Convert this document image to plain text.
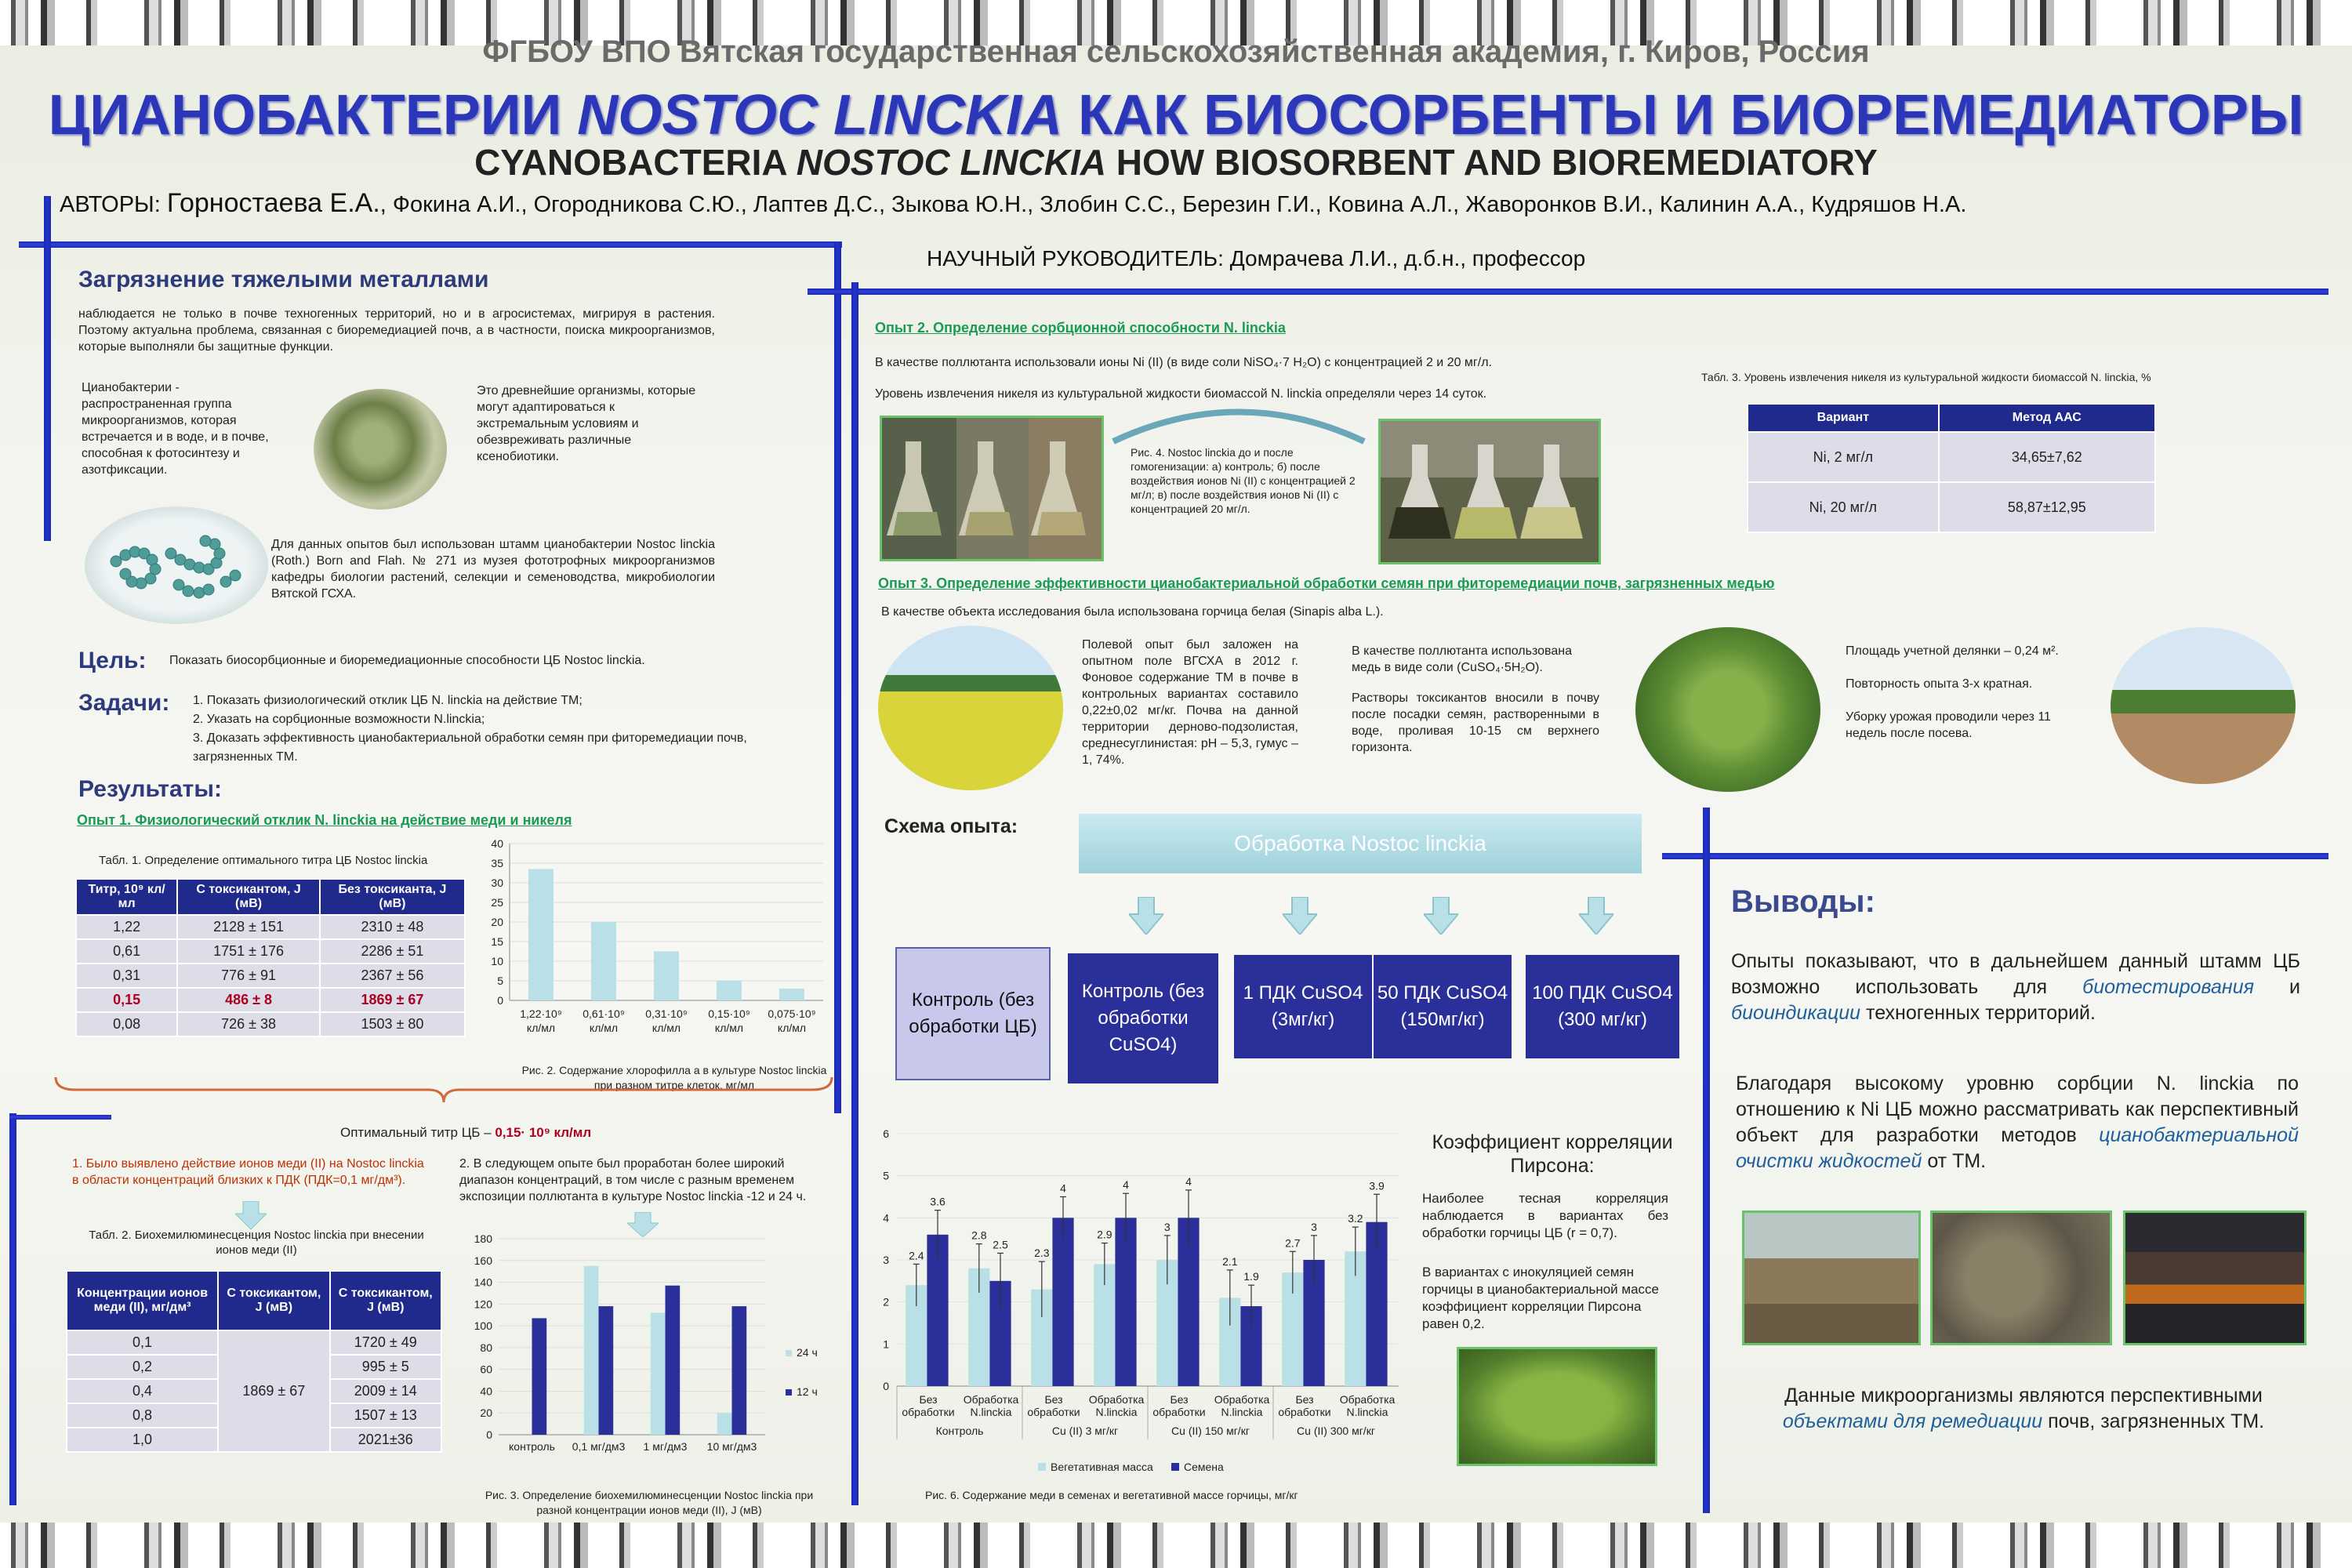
ФГБОУ ВПО Вятская государственная сельскохозяйственная академия, г. Киров, Россия
ЦИАНОБАКТЕРИИ NOSTOC LINCKIA КАК БИОСОРБЕНТЫ И БИОРЕМЕДИАТОРЫ
CYANOBACTERIA NOSTOC LINCKIA HOW BIOSORBENT AND BIOREMEDIATORY
АВТОРЫ: Горностаева Е.А., Фокина А.И., Огородникова С.Ю., Лаптев Д.С., Зыкова Ю.Н., Злобин С.С., Березин Г.И., Ковина А.Л., Жаворонков В.И., Калинин А.А., Кудряшов Н.А.
НАУЧНЫЙ РУКОВОДИТЕЛЬ: Домрачева Л.И., д.б.н., профессор
Загрязнение тяжелыми металлами
наблюдается не только в почве техногенных территорий, но и в агросистемах, мигрируя в растения. Поэтому актуальна проблема, связанная с биоремедиацией почв, а в частности, поиска микроорганизмов, которые выполняли бы защитные функции.
Цианобактерии - распространенная группа микроорганизмов, которая встречается и в воде, и в почве, способная к фотосинтезу и азотфиксации.
Это древнейшие организмы, которые могут адаптироваться к экстремальным условиям и обезвреживать различные ксенобиотики.
Для данных опытов был использован штамм цианобактерии Nostoc linckia (Roth.) Born and Flah. № 271 из музея фототрофных микроорганизмов кафедры биологии растений, селекции и семеноводства, микробиологии Вятской ГСХА.
Цель: Показать биосорбционные и биоремедиационные способности ЦБ Nostoc linckia.
Задачи: 1. Показать физиологический отклик ЦБ N. linckia на действие ТМ;
2. Указать на сорбционные возможности N.linckia;
3. Доказать эффективность цианобактериальной обработки семян при фиторемедиации почв, загрязненных ТМ.
Результаты:
Опыт 1. Физиологический отклик N. linckia на действие меди и никеля
Табл. 1. Определение оптимального титра ЦБ Nostoc linckia
Титр, 10⁹ кл/мл	С токсикантом, J (мВ)	Без токсиканта, J (мВ)
1,22	2128 ± 151	2310 ± 48
0,61	1751 ± 176	2286 ± 51
0,31	776 ± 91	2367 ± 56
0,15	486 ± 8	1869 ± 67
0,08	726 ± 38	1503 ± 80
0
5
10
15
20
25
30
35
40
1,22·10⁹
кл/мл
0,61·10⁹
кл/мл
0,31·10⁹
кл/мл
0,15·10⁹
кл/мл
0,075·10⁹
кл/мл
Рис. 2. Содержание хлорофилла а в культуре Nostoc linckia при разном титре клеток, мг/мл
Оптимальный титр ЦБ – 0,15· 10⁹ кл/мл
1. Было выявлено действие ионов меди (II) на Nostoc linckia в области концентраций близких к ПДК (ПДК=0,1 мг/дм³).
2. В следующем опыте был проработан более широкий диапазон концентраций, в том числе с разным временем экспозиции поллютанта в культуре Nostoc linckia -12 и 24 ч.
Табл. 2. Биохемилюминесценция Nostoc linckia при внесении ионов меди (II)
Концентрации ионов меди (II), мг/дм³	С токсикантом, J (мВ)	С токсикантом, J (мВ)
0,1	1869 ± 67	1720 ± 49
0,2		995 ± 5
0,4		2009 ± 14
0,8		1507 ± 13
1,0		2021±36	0
20
40
60
80
100
120
140
160
180
24 ч
12 ч
контроль 0,1 мг/дм3 1 мг/дм3 10 мг/дм3
Рис. 3. Определение биохемилюминесценции Nostoc linckia при разной концентрации ионов меди (II), J (мВ)
Опыт 2. Определение сорбционной способности N. linckia
В качестве поллютанта использовали ионы Ni (II) (в виде соли NiSO₄·7 H₂O) с концентрацией 2 и 20 мг/л.
Уровень извлечения никеля из культуральной жидкости биомассой N. linckia определяли через 14 суток.
Рис. 4. Nostoc linckia до и после гомогенизации: а) контроль; б) после воздействия ионов Ni (II) с концентрацией 2 мг/л; в) после воздействия ионов Ni (II) с концентрацией 20 мг/л.
Опыт 3. Определение эффективности цианобактериальной обработки семян при фиторемедиации почв, загрязненных медью
В качестве объекта исследования была использована горчица белая (Sinapis alba L.).
Полевой опыт был заложен на опытном поле ВГСХА в 2012 г. Фоновое содержание ТМ в почве в контрольных вариантах составило 0,22±0,02 мг/кг. Почва на данной территории дерново-подзолистая, среднесуглинистая: pH – 5,3, гумус – 1, 74%.
В качестве поллютанта использована медь в виде соли (CuSO₄·5H₂O).
Растворы токсикантов вносили в почву после посадки семян, растворенными в воде, проливая 10-15 см верхнего горизонта.
Площадь учетной делянки – 0,24 м².
Повторность опыта 3-х кратная.
Уборку урожая проводили через 11 недель после посева.
Схема опыта:
Обработка Nostoc linckia
Контроль (без обработки ЦБ)
Контроль (без обработки CuSO4)
1 ПДК CuSO4 (3мг/кг)
50 ПДК CuSO4 (150мг/кг)
100 ПДК CuSO4 (300 мг/кг)
0
1
2
3
4
5
6
2.4
2.8
2.3
2.9
3
2.1
2.7
3.2
3.6
2.5
4	4	4
1.9
3
3.9
Без
обработки
Обработка
N.linckia
Без
обработки
Обработка
N.linckia
Без
обработки
Обработка
N.linckia
Без
обработки
Обработка
N.linckia
Контроль	Cu (II) 3 мг/кг	Cu (II) 150 мг/кг	Cu (II) 300 мг/кг
Вегетативная масса	Семена
Рис. 6. Содержание меди в семенах и вегетативной массе горчицы, мг/кг
Коэффициент корреляции Пирсона:
Наиболее тесная корреляция наблюдается в вариантах без обработки горчицы ЦБ (r = 0,7).
В вариантах с инокуляцией семян горчицы в цианобактериальной массе коэффициент корреляции Пирсона равен 0,2.
Табл. 3. Уровень извлечения никеля из культуральной жидкости биомассой N. linckia, %
Вариант	Метод ААС
Ni, 2 мг/л	34,65±7,62
Ni, 20 мг/л	58,87±12,95
Выводы:
Опыты показывают, что в дальнейшем данный штамм ЦБ возможно использовать для биотестирования и биоиндикации техногенных территорий.
Благодаря высокому уровню сорбции N. linckia по отношению к Ni ЦБ можно рассматривать как перспективный объект для разработки методов цианобактериальной очистки жидкостей от ТМ.
Данные микроорганизмы являются перспективными объектами для ремедиации почв, загрязненных ТМ.
